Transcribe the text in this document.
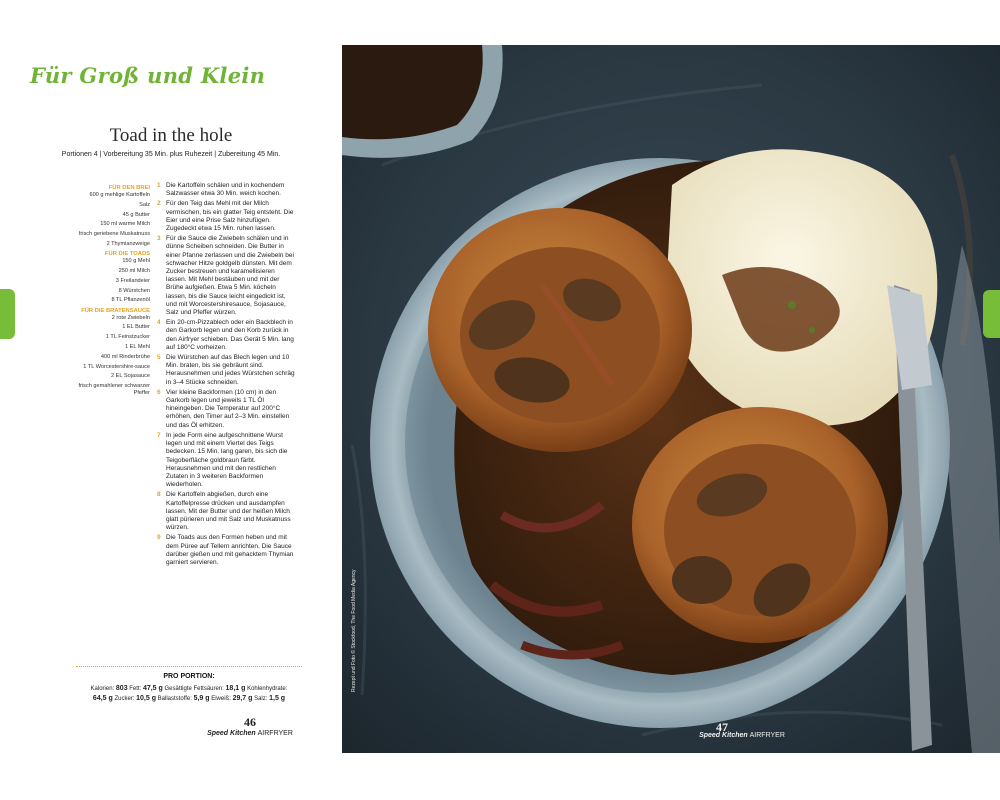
Für Groß und Klein
Toad in the hole
Portionen 4 | Vorbereitung 35 Min. plus Ruhezeit | Zubereitung 45 Min.
FÜR DEN BREI
600 g mehlige Kartoffeln
Salz
45 g Butter
150 ml warme Milch
frisch geriebene Muskatnuss
2 Thymianzweige
FÜR DIE TOADS
150 g Mehl
250 ml Milch
3 Freilandeier
8 Würstchen
8 TL Pflanzenöl
FÜR DIE BRATENSAUCE
2 rote Zwiebeln
1 EL Butter
1 TL Feinstzucker
1 EL Mehl
400 ml Rinderbrühe
1 TL Worcestershire-sauce
2 EL Sojasauce
frisch gemahlener schwarzer Pfeffer
1 Die Kartoffeln schälen und in kochendem Salzwasser etwa 30 Min. weich kochen.
2 Für den Teig das Mehl mit der Milch vermischen, bis ein glatter Teig entsteht. Die Eier und eine Prise Salz hinzufügen. Zugedeckt etwa 15 Min. ruhen lassen.
3 Für die Sauce die Zwiebeln schälen und in dünne Scheiben schneiden. Die Butter in einer Pfanne zerlassen und die Zwiebeln bei schwacher Hitze goldgelb dünsten. Mit dem Zucker bestreuen und karamellisieren lassen. Mit Mehl bestäuben und mit der Brühe aufgießen. Etwa 5 Min. köcheln lassen, bis die Sauce leicht eingedickt ist, und mit Worcestershiresauce, Sojasauce, Salz und Pfeffer würzen.
4 Ein 20-cm-Pizzablech oder ein Backblech in den Garkorb legen und den Korb zurück in den Airfryer schieben. Das Gerät 5 Min. lang auf 180°C vorheizen.
5 Die Würstchen auf das Blech legen und 10 Min. braten, bis sie gebräunt sind. Herausnehmen und jedes Würstchen schräg in 3–4 Stücke schneiden.
6 Vier kleine Backformen (10 cm) in den Garkorb legen und jeweils 1 TL Öl hineingeben. Die Temperatur auf 200°C erhöhen, den Timer auf 2–3 Min. einstellen und das Öl erhitzen.
7 In jede Form eine aufgeschnittene Wurst legen und mit einem Viertel des Teigs bedecken. 15 Min. lang garen, bis sich die Teigoberfläche goldbraun färbt. Herausnehmen und mit den restlichen Zutaten in 3 weiteren Backformen wiederholen.
8 Die Kartoffeln abgießen, durch eine Kartoffelpresse drücken und ausdampfen lassen. Mit der Butter und der heißen Milch glatt pürieren und mit Salz und Muskatnuss würzen.
9 Die Toads aus den Formen heben und mit dem Püree auf Tellern anrichten. Die Sauce darüber gießen und mit gehacktem Thymian garniert servieren.
PRO PORTION:
Kalorien: 803 Fett: 47,5 g Gesättigte Fettsäuren: 18,1 g Kohlenhydrate:
64,5 g Zucker: 10,5 g Ballaststoffe: 5,9 g Eiweiß: 29,7 g Salz: 1,5 g
46
Speed Kitchen AIRFRYER
Rezept und Foto © Stockfood, The Food Media Agency
47
Speed Kitchen AIRFRYER
